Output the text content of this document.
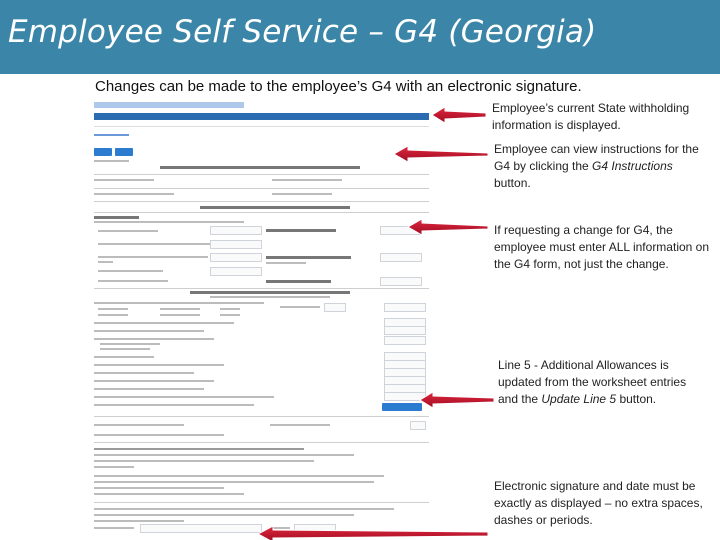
Employee Self Service – G4 (Georgia)
Changes can be made to the employee’s G4 with an electronic signature.
Employee’s current State withholding information is displayed.
Employee can view instructions for the G4 by clicking the G4 Instructions button.
If requesting a change for G4, the employee must enter ALL information on the G4 form, not just the change.
Line 5 - Additional Allowances is updated from the worksheet entries and the Update Line 5 button.
Electronic signature and date must be exactly as displayed – no extra spaces, dashes or periods.
